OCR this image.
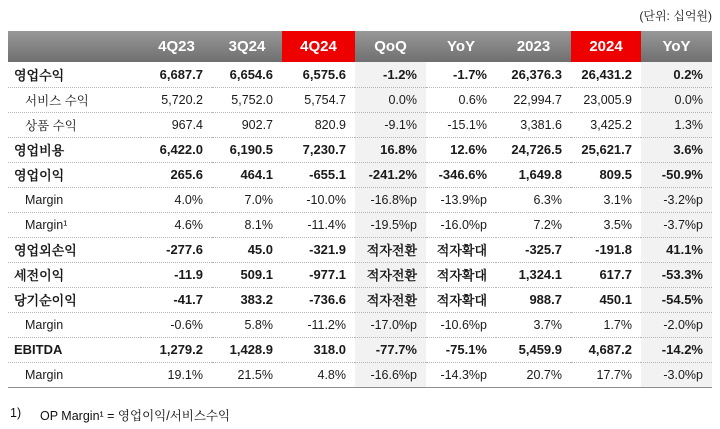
(단위: 십억원)
	4Q23	3Q24	4Q24	QoQ	YoY	2023	2024	YoY
영업수익	6,687.7	6,654.6	6,575.6	-1.2%	-1.7%	26,376.3	26,431.2	0.2%
서비스 수익	5,720.2	5,752.0	5,754.7	0.0%	0.6%	22,994.7	23,005.9	0.0%
상품 수익	967.4	902.7	820.9	-9.1%	-15.1%	3,381.6	3,425.2	1.3%
영업비용	6,422.0	6,190.5	7,230.7	16.8%	12.6%	24,726.5	25,621.7	3.6%
영업이익	265.6	464.1	-655.1	-241.2%	-346.6%	1,649.8	809.5	-50.9%
Margin	4.0%	7.0%	-10.0%	-16.8%p	-13.9%p	6.3%	3.1%	-3.2%p
Margin¹	4.6%	8.1%	-11.4%	-19.5%p	-16.0%p	7.2%	3.5%	-3.7%p
영업외손익	-277.6	45.0	-321.9	적자전환	적자확대	-325.7	-191.8	41.1%
세전이익	-11.9	509.1	-977.1	적자전환	적자확대	1,324.1	617.7	-53.3%
당기순이익	-41.7	383.2	-736.6	적자전환	적자확대	988.7	450.1	-54.5%
Margin	-0.6%	5.8%	-11.2%	-17.0%p	-10.6%p	3.7%	1.7%	-2.0%p
EBITDA	1,279.2	1,428.9	318.0	-77.7%	-75.1%	5,459.9	4,687.2	-14.2%
Margin	19.1%	21.5%	4.8%	-16.6%p	-14.3%p	20.7%	17.7%	-3.0%p
1)	OP Margin¹ = 영업이익/서비스수익
